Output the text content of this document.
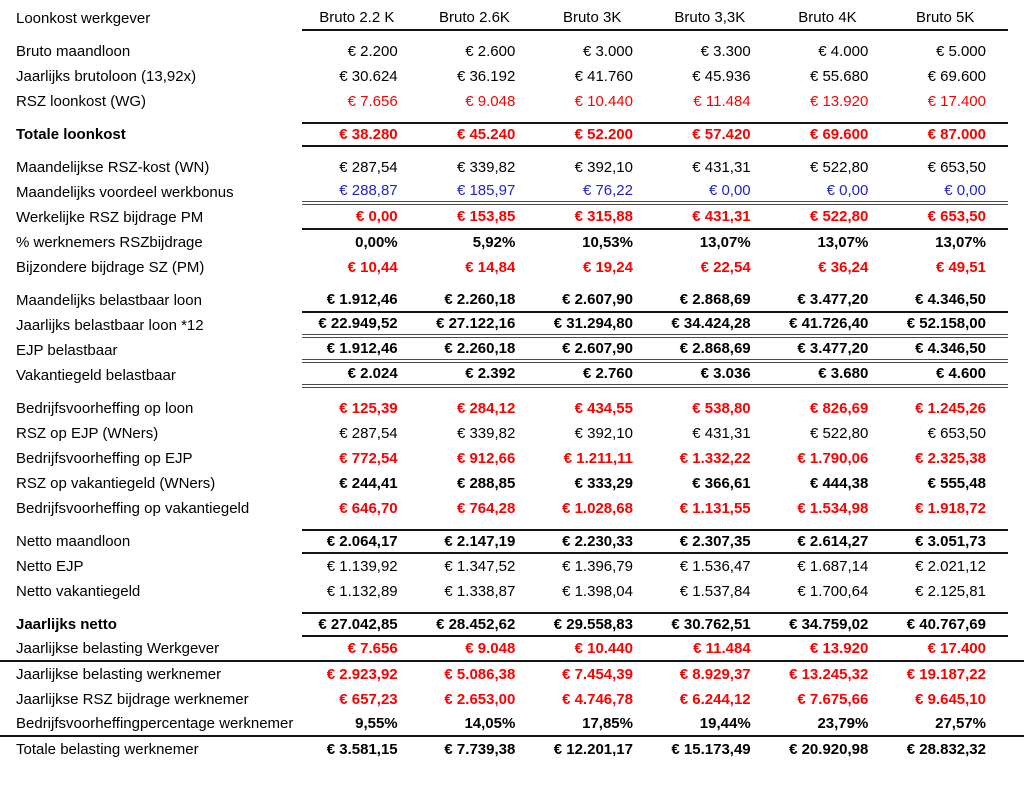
Loonkost werkgever	Bruto 2.2 K	Bruto 2.6K	Bruto 3K	Bruto 3,3K	Bruto 4K	Bruto 5K
Bruto maandloon	€ 2.200	€ 2.600	€ 3.000	€ 3.300	€ 4.000	€ 5.000
Jaarlijks brutoloon (13,92x)	€ 30.624	€ 36.192	€ 41.760	€ 45.936	€ 55.680	€ 69.600
RSZ loonkost (WG)	€ 7.656	€ 9.048	€ 10.440	€ 11.484	€ 13.920	€ 17.400
Totale loonkost	€ 38.280	€ 45.240	€ 52.200	€ 57.420	€ 69.600	€ 87.000
Maandelijkse RSZ-kost (WN)	€ 287,54	€ 339,82	€ 392,10	€ 431,31	€ 522,80	€ 653,50
Maandelijks voordeel werkbonus	€ 288,87	€ 185,97	€ 76,22	€ 0,00	€ 0,00	€ 0,00
Werkelijke RSZ bijdrage PM	€ 0,00	€ 153,85	€ 315,88	€ 431,31	€ 522,80	€ 653,50
% werknemers RSZbijdrage	0,00%	5,92%	10,53%	13,07%	13,07%	13,07%
Bijzondere bijdrage SZ (PM)	€ 10,44	€ 14,84	€ 19,24	€ 22,54	€ 36,24	€ 49,51
Maandelijks belastbaar loon	€ 1.912,46	€ 2.260,18	€ 2.607,90	€ 2.868,69	€ 3.477,20	€ 4.346,50
Jaarlijks belastbaar loon *12	€ 22.949,52	€ 27.122,16	€ 31.294,80	€ 34.424,28	€ 41.726,40	€ 52.158,00
EJP belastbaar	€ 1.912,46	€ 2.260,18	€ 2.607,90	€ 2.868,69	€ 3.477,20	€ 4.346,50
Vakantiegeld belastbaar	€ 2.024	€ 2.392	€ 2.760	€ 3.036	€ 3.680	€ 4.600
Bedrijfsvoorheffing op loon	€ 125,39	€ 284,12	€ 434,55	€ 538,80	€ 826,69	€ 1.245,26
RSZ op EJP (WNers)	€ 287,54	€ 339,82	€ 392,10	€ 431,31	€ 522,80	€ 653,50
Bedrijfsvoorheffing op EJP	€ 772,54	€ 912,66	€ 1.211,11	€ 1.332,22	€ 1.790,06	€ 2.325,38
RSZ op vakantiegeld (WNers)	€ 244,41	€ 288,85	€ 333,29	€ 366,61	€ 444,38	€ 555,48
Bedrijfsvoorheffing op vakantiegeld	€ 646,70	€ 764,28	€ 1.028,68	€ 1.131,55	€ 1.534,98	€ 1.918,72
Netto maandloon	€ 2.064,17	€ 2.147,19	€ 2.230,33	€ 2.307,35	€ 2.614,27	€ 3.051,73
Netto EJP	€ 1.139,92	€ 1.347,52	€ 1.396,79	€ 1.536,47	€ 1.687,14	€ 2.021,12
Netto vakantiegeld	€ 1.132,89	€ 1.338,87	€ 1.398,04	€ 1.537,84	€ 1.700,64	€ 2.125,81
Jaarlijks netto	€ 27.042,85	€ 28.452,62	€ 29.558,83	€ 30.762,51	€ 34.759,02	€ 40.767,69
Jaarlijkse belasting Werkgever	€ 7.656	€ 9.048	€ 10.440	€ 11.484	€ 13.920	€ 17.400
Jaarlijkse belasting werknemer	€ 2.923,92	€ 5.086,38	€ 7.454,39	€ 8.929,37	€ 13.245,32	€ 19.187,22
Jaarlijkse RSZ bijdrage werknemer	€ 657,23	€ 2.653,00	€ 4.746,78	€ 6.244,12	€ 7.675,66	€ 9.645,10
Bedrijfsvoorheffingpercentage werknemer	9,55%	14,05%	17,85%	19,44%	23,79%	27,57%
Totale belasting werknemer	€ 3.581,15	€ 7.739,38	€ 12.201,17	€ 15.173,49	€ 20.920,98	€ 28.832,32
